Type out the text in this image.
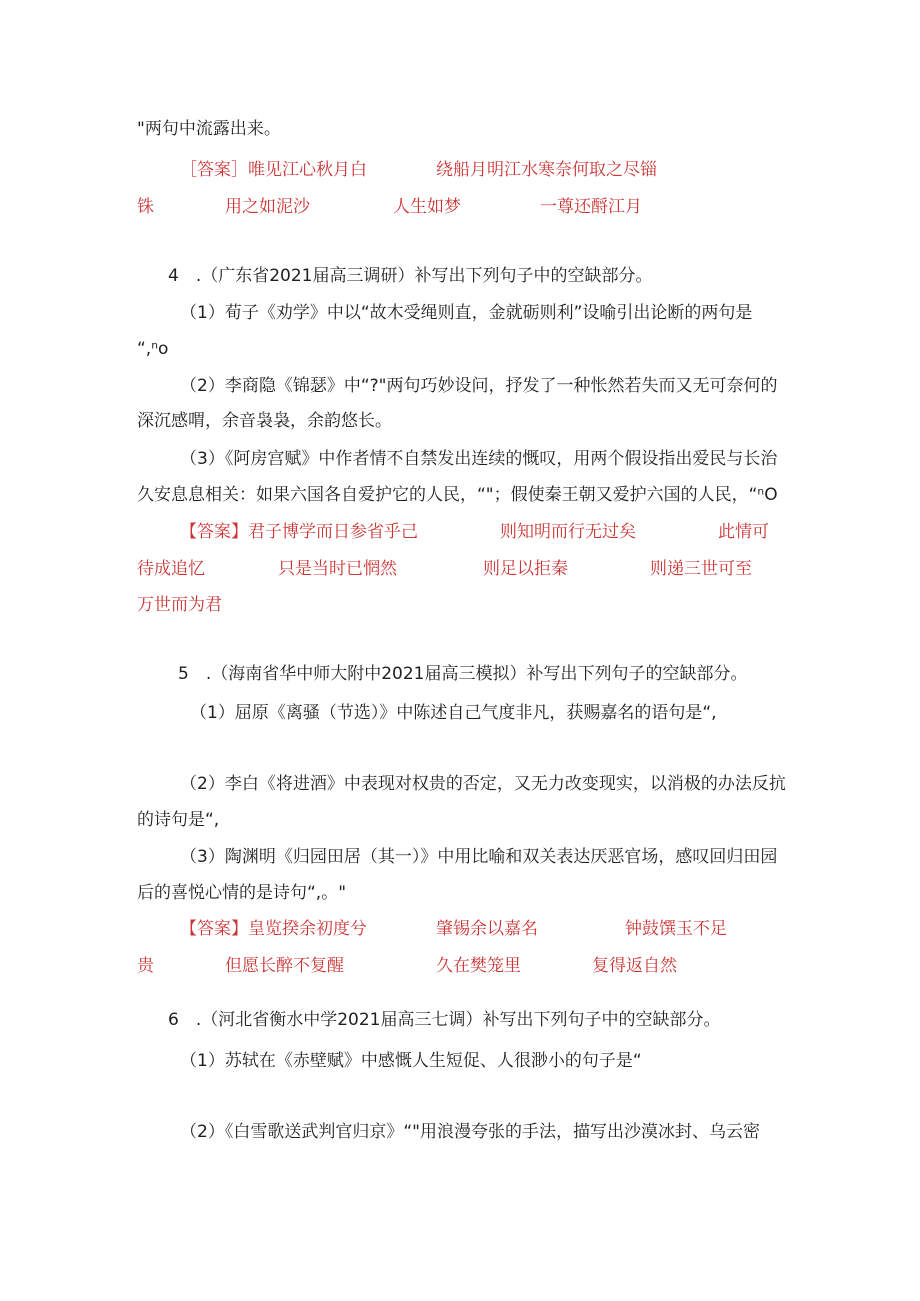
"两句中流露出来。
［答案］唯见江心秋月白	绕船月明江水寒奈何取之尽锱
铢	用之如泥沙	人生如梦	一尊还酹江月
4　.（广东省2021届高三调研）补写出下列句子中的空缺部分。
（1）荀子《劝学》中以“故木受绳则直，金就砺则利”设喻引出论断的两句是
“,ⁿo
（2）李商隐《锦瑟》中“?"两句巧妙设问，抒发了一种怅然若失而又无可奈何的
深沉感喟，余音袅袅，余韵悠长。
（3）《阿房宫赋》中作者情不自禁发出连续的慨叹，用两个假设指出爱民与长治
久安息息相关：如果六国各自爱护它的人民，“"；假使秦王朝又爱护六国的人民，“ⁿO
【答案】君子博学而日参省乎己	则知明而行无过矣	此情可
待成追忆	只是当时已惘然	则足以拒秦	则递三世可至
万世而为君
5　.（海南省华中师大附中2021届高三模拟）补写出下列句子的空缺部分。
（1）屈原《离骚（节选）》中陈述自己气度非凡，获赐嘉名的语句是“,
（2）李白《将进酒》中表现对权贵的否定，又无力改变现实，以消极的办法反抗
的诗句是“,
（3）陶渊明《归园田居（其一）》中用比喻和双关表达厌恶官场，感叹回归田园
后的喜悦心情的是诗句“,。"
【答案】皇览揆余初度兮	肇锡余以嘉名	钟鼓馔玉不足
贵	但愿长醉不复醒	久在樊笼里	复得返自然
6　.（河北省衡水中学2021届高三七调）补写出下列句子中的空缺部分。
（1）苏轼在《赤壁赋》中感慨人生短促、人很渺小的句子是“
（2）《白雪歌送武判官归京》“"用浪漫夸张的手法，描写出沙漠冰封、乌云密
